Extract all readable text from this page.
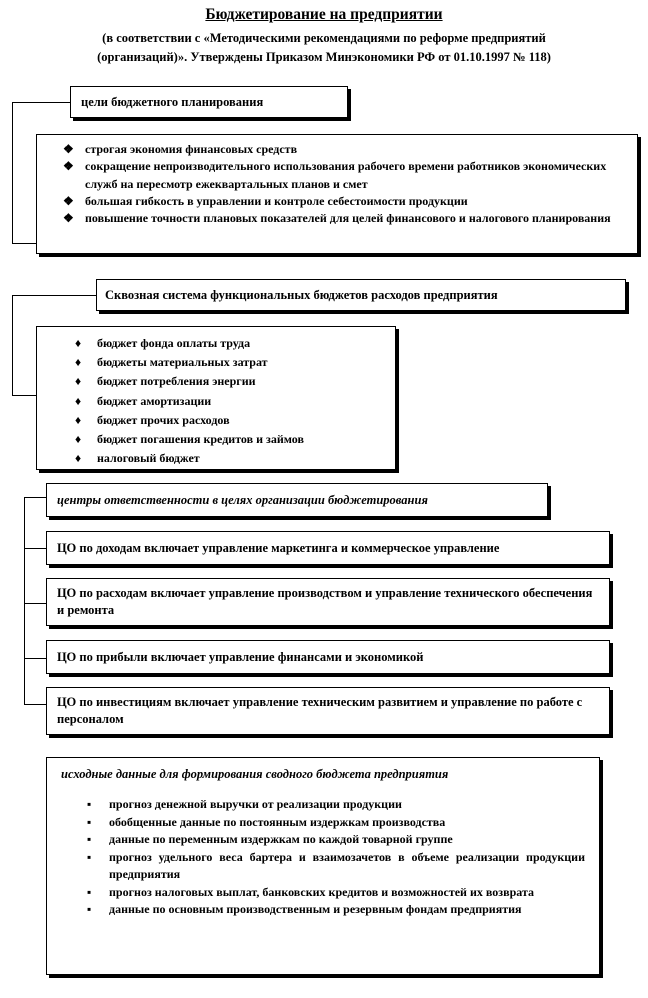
Бюджетирование на предприятии
(в соответствии с «Методическими рекомендациями по реформе предприятий
(организаций)». Утверждены Приказом Минэкономики РФ от 01.10.1997 № 118)
цели бюджетного планирования
❖ строгая экономия финансовых средств
❖ сокращение непроизводительного использования рабочего времени работников экономических служб на пересмотр ежеквартальных планов и смет
❖ большая гибкость в управлении и контроле себестоимости продукции
❖ повышение точности плановых показателей для целей финансового и налогового планирования
Сквозная система функциональных бюджетов расходов предприятия
♦ бюджет фонда оплаты труда
♦ бюджеты материальных затрат
♦ бюджет потребления энергии
♦ бюджет амортизации
♦ бюджет прочих расходов
♦ бюджет погашения кредитов и займов
♦ налоговый бюджет
центры ответственности в целях организации бюджетирования
ЦО по доходам включает управление маркетинга и коммерческое управление
ЦО по расходам включает управление производством и управление технического обеспечения и ремонта
ЦО по прибыли включает управление финансами и экономикой
ЦО по инвестициям включает управление техническим развитием и управление по работе с персоналом
исходные данные для формирования сводного бюджета предприятия
▪ прогноз денежной выручки от реализации продукции
▪ обобщенные данные по постоянным издержкам производства
▪ данные по переменным издержкам по каждой товарной группе
▪ прогноз удельного веса бартера и взаимозачетов в объеме реализации продукции предприятия
▪ прогноз налоговых выплат, банковских кредитов и возможностей их возврата
▪ данные по основным производственным и резервным фондам предприятия
